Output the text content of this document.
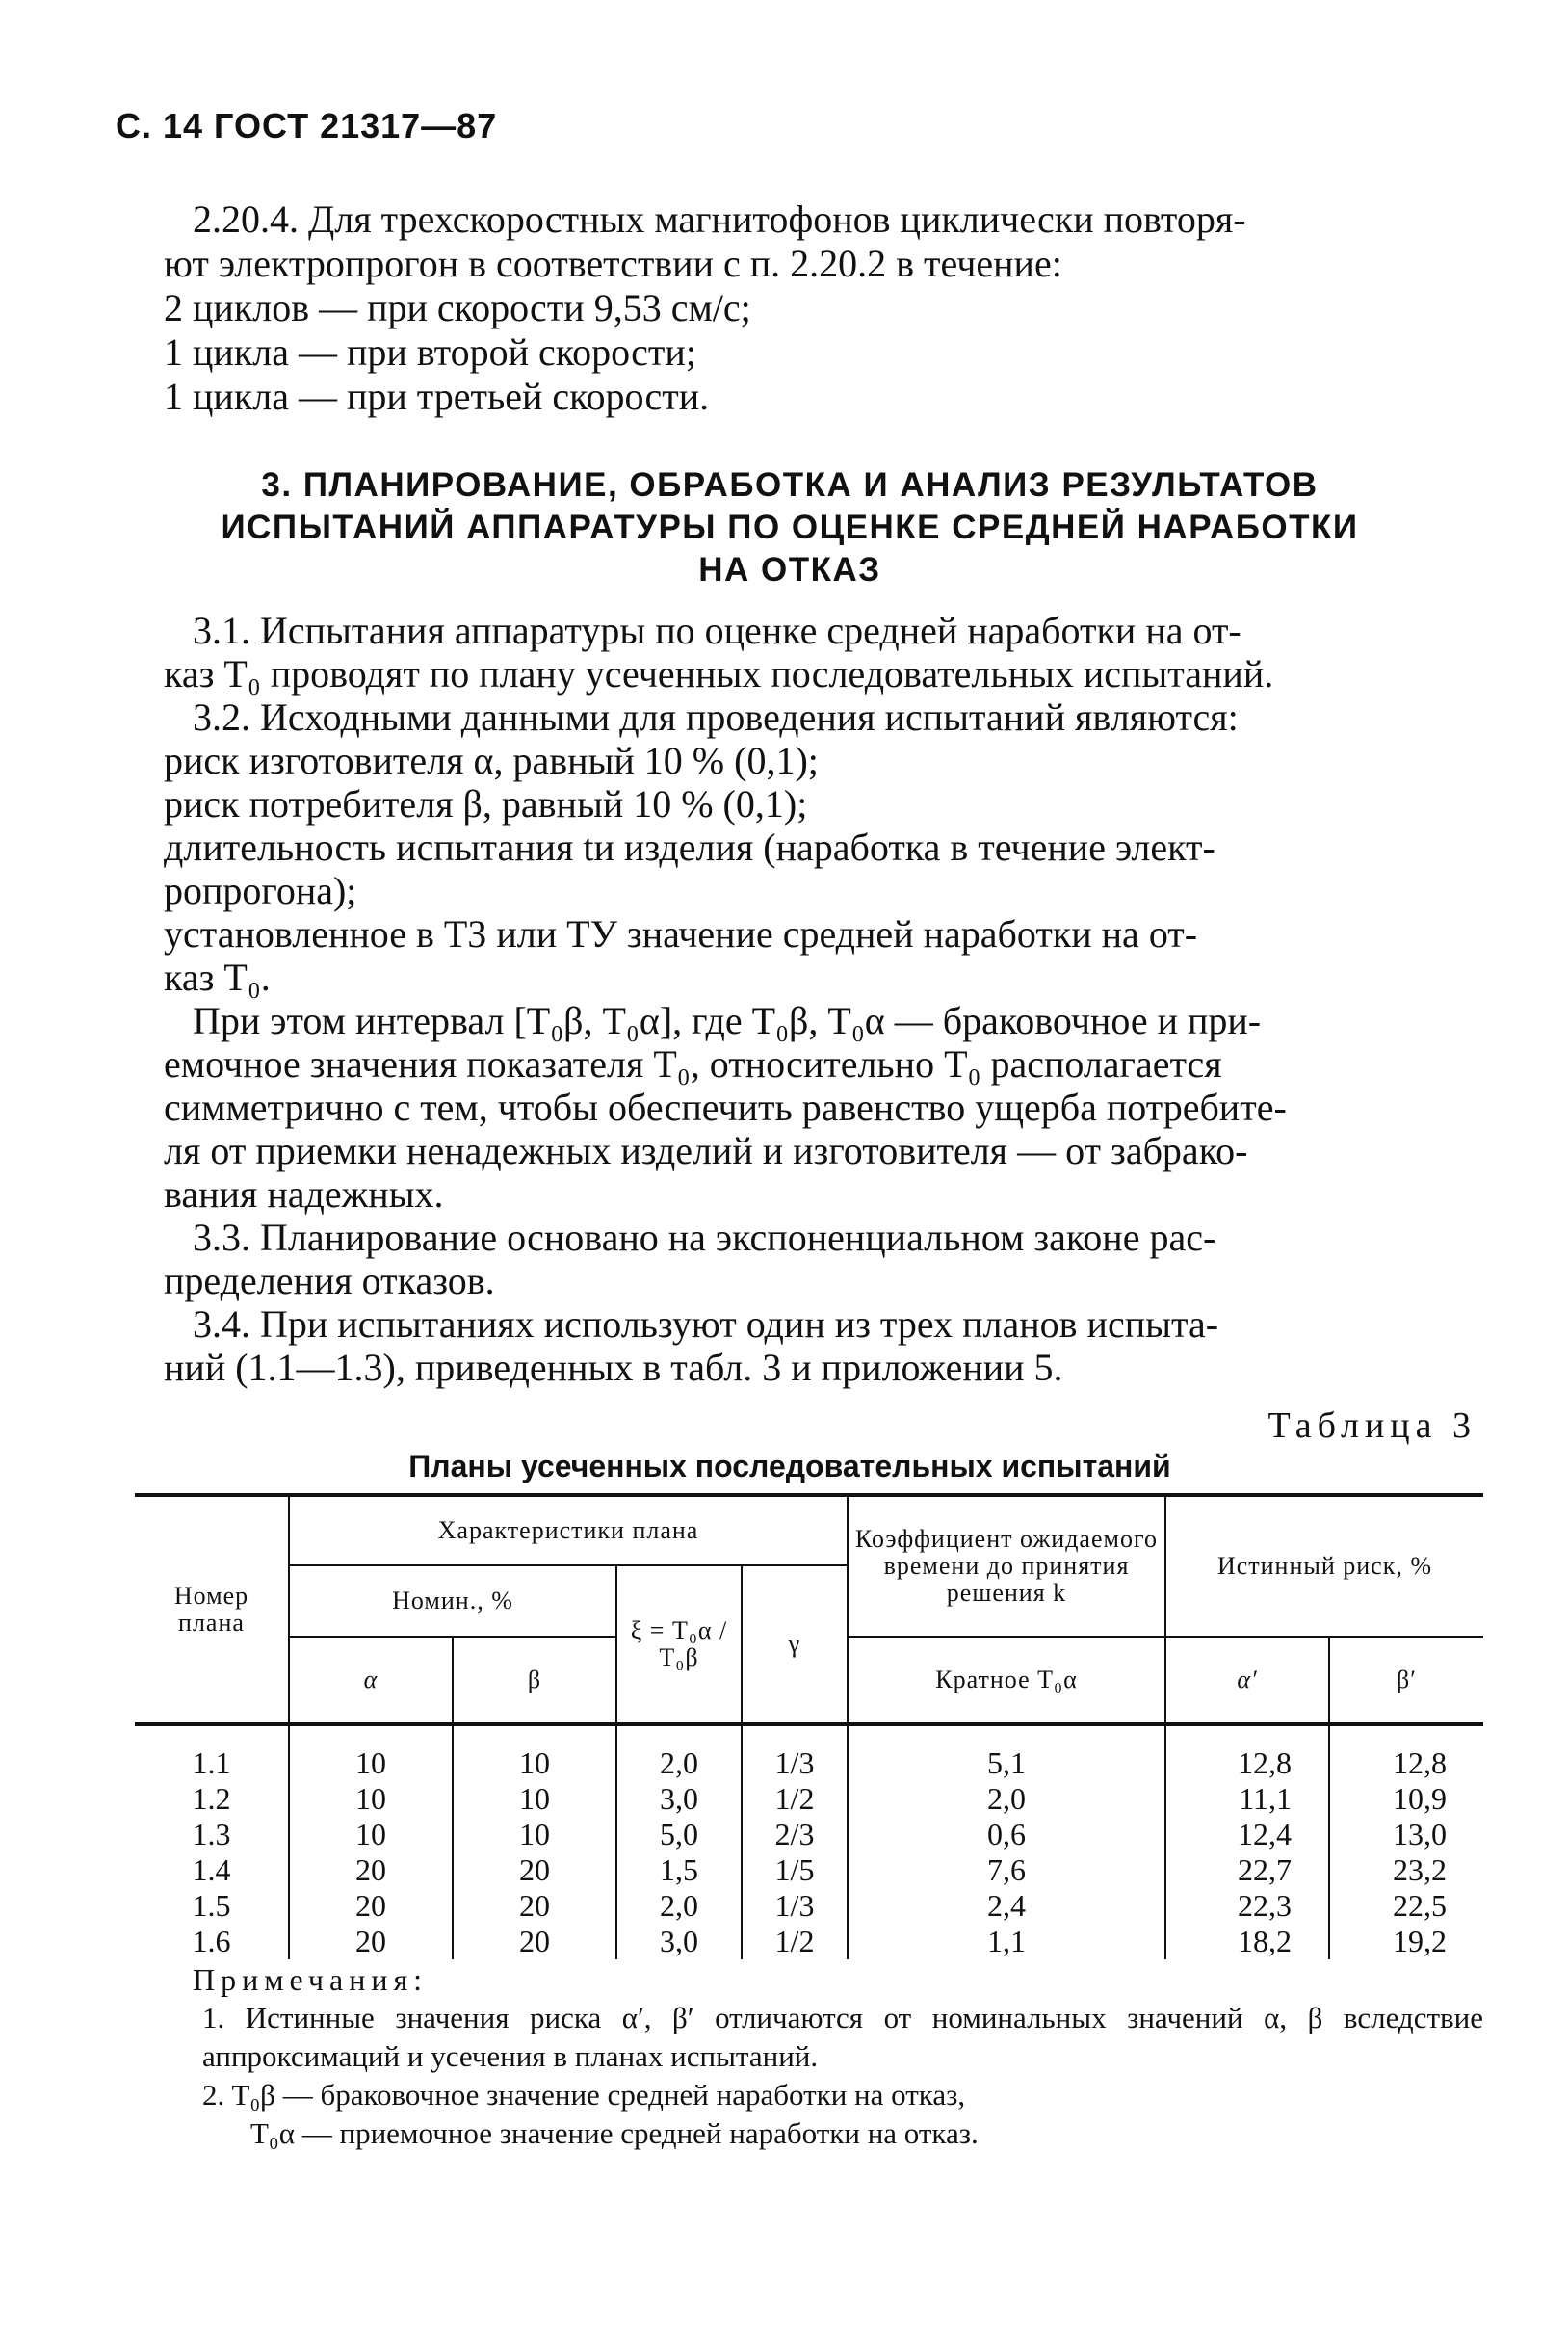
С. 14 ГОСТ 21317—87
2.20.4. Для трехскоростных магнитофонов циклически повторя-
ют электропрогон в соответствии с п. 2.20.2 в течение:
2 циклов — при скорости 9,53 см/с;
1 цикла — при второй скорости;
1 цикла — при третьей скорости.
3. ПЛАНИРОВАНИЕ, ОБРАБОТКА И АНАЛИЗ РЕЗУЛЬТАТОВ
ИСПЫТАНИЙ АППАРАТУРЫ ПО ОЦЕНКЕ СРЕДНЕЙ НАРАБОТКИ
НА ОТКАЗ
3.1. Испытания аппаратуры по оценке средней наработки на от-
каз T₀ проводят по плану усеченных последовательных испытаний.
3.2. Исходными данными для проведения испытаний являются:
риск изготовителя α, равный 10 % (0,1);
риск потребителя β, равный 10 % (0,1);
длительность испытания tи изделия (наработка в течение элект-
ропрогона);
установленное в ТЗ или ТУ значение средней наработки на от-
каз T₀.
При этом интервал [T₀β, T₀α], где T₀β, T₀α — браковочное и при-
емочное значения показателя T₀, относительно T₀ располагается
симметрично с тем, чтобы обеспечить равенство ущерба потребите-
ля от приемки ненадежных изделий и изготовителя — от забрако-
вания надежных.
3.3. Планирование основано на экспоненциальном законе рас-
пределения отказов.
3.4. При испытаниях используют один из трех планов испыта-
ний (1.1—1.3), приведенных в табл. 3 и приложении 5.
Таблица 3
Планы усеченных последовательных испытаний
Номер плана	Характеристики плана				Коэффициент ожидаемого времени до принятия решения k	Истинный риск, %	
	Номин., %		ξ = T₀α / T₀β	γ			
	α	β			Кратное T₀α	α′	β′
1.1	10	10	2,0	1/3	5,1	12,8	12,8
1.2	10	10	3,0	1/2	2,0	11,1	10,9
1.3	10	10	5,0	2/3	0,6	12,4	13,0
1.4	20	20	1,5	1/5	7,6	22,7	23,2
1.5	20	20	2,0	1/3	2,4	22,3	22,5
1.6	20	20	3,0	1/2	1,1	18,2	19,2
Примечания:
1. Истинные значения риска α′, β′ отличаются от номинальных значений α, β вследствие аппроксимаций и усечения в планах испытаний.
2. T₀β — браковочное значение средней наработки на отказ,
T₀α — приемочное значение средней наработки на отказ.
